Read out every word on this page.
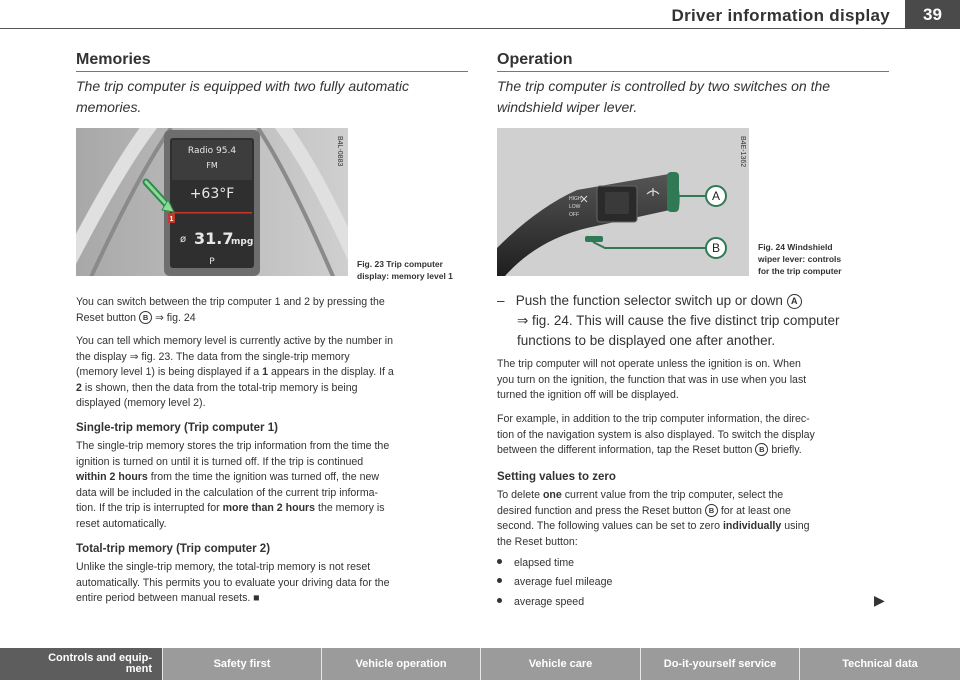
Driver information display	39
Memories
The trip computer is equipped with two fully automatic memories.
Radio 95.4
FM
+63°F
1
ø 31.7
mpg
P
B4L-0883
Fig. 23 Trip computer
display: memory level 1
You can switch between the trip computer 1 and 2 by pressing the
Reset button B ⇒ fig. 24
You can tell which memory level is currently active by the number in
the display ⇒ fig. 23. The data from the single-trip memory
(memory level 1) is being displayed if a 1 appears in the display. If a
2 is shown, then the data from the total-trip memory is being
displayed (memory level 2).
Single-trip memory (Trip computer 1)
The single-trip memory stores the trip information from the time the
ignition is turned on until it is turned off. If the trip is continued
within 2 hours from the time the ignition was turned off, the new
data will be included in the calculation of the current trip informa-
tion. If the trip is interrupted for more than 2 hours the memory is
reset automatically.
Total-trip memory (Trip computer 2)
Unlike the single-trip memory, the total-trip memory is not reset
automatically. This permits you to evaluate your driving data for the
entire period between manual resets. ■
Operation
The trip computer is controlled by two switches on the windshield wiper lever.
HIGH
LOW
OFF
RESET
A
B
B4E-1362
Fig. 24 Windshield
wiper lever: controls
for the trip computer
– Push the function selector switch up or down A
⇒ fig. 24. This will cause the five distinct trip computer
functions to be displayed one after another.
The trip computer will not operate unless the ignition is on. When
you turn on the ignition, the function that was in use when you last
turned the ignition off will be displayed.
For example, in addition to the trip computer information, the direc-
tion of the navigation system is also displayed. To switch the display
between the different information, tap the Reset button B briefly.
Setting values to zero
To delete one current value from the trip computer, select the
desired function and press the Reset button B for at least one
second. The following values can be set to zero individually using
the Reset button:
elapsed time
average fuel mileage
average speed	▶
Controls and equip-
ment	Safety first	Vehicle operation	Vehicle care	Do-it-yourself service	Technical data
